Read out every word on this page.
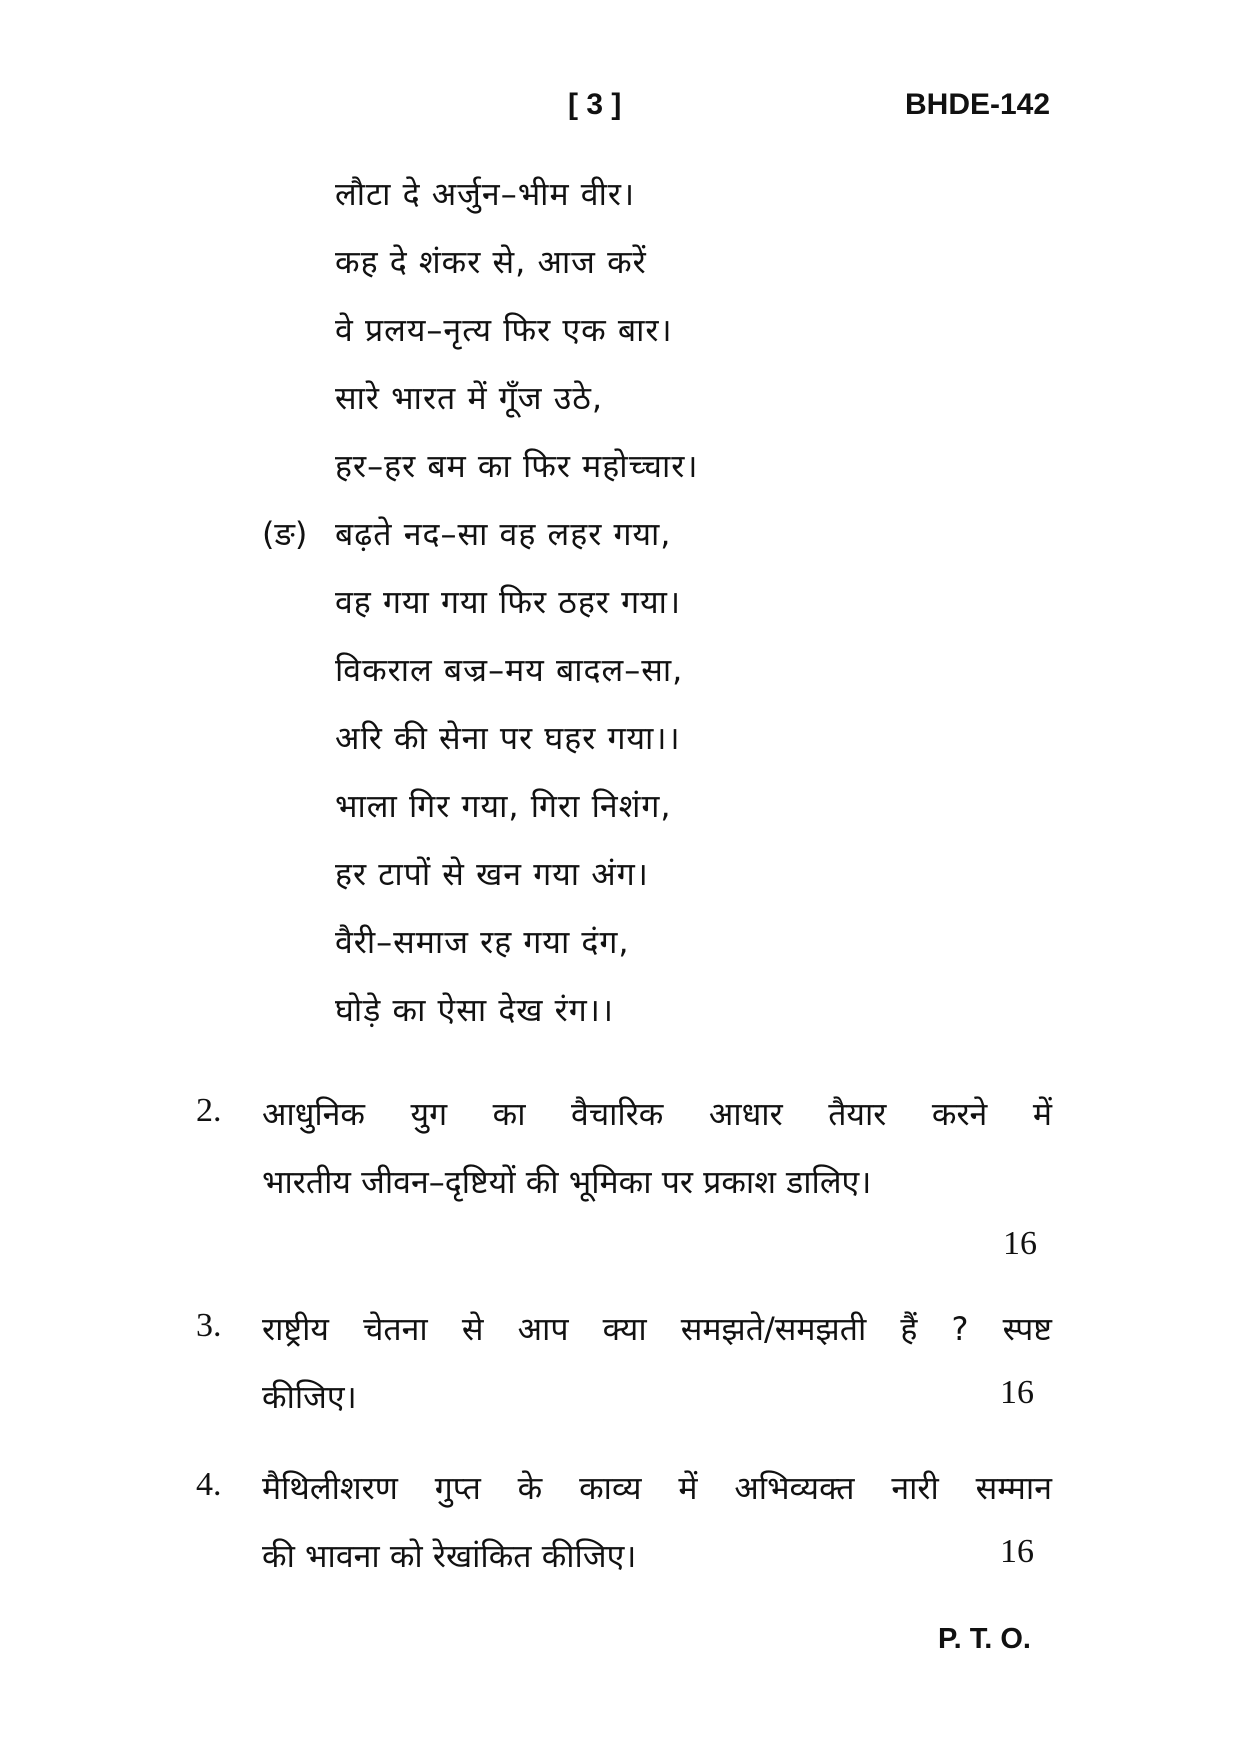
[ 3 ]	BHDE-142
लौटा दे अर्जुन–भीम वीर।
कह दे शंकर से, आज करें
वे प्रलय–नृत्य फिर एक बार।
सारे भारत में गूँज उठे,
हर–हर बम का फिर महोच्चार।
(ङ) बढ़ते नद–सा वह लहर गया,
वह गया गया फिर ठहर गया।
विकराल बज्र–मय बादल–सा,
अरि की सेना पर घहर गया।।
भाला गिर गया, गिरा निशंग,
हर टापों से खन गया अंग।
वैरी–समाज रह गया दंग,
घोड़े का ऐसा देख रंग।।
2. आधुनिक युग का वैचारिक आधार तैयार करने में
भारतीय जीवन–दृष्टियों की भूमिका पर प्रकाश डालिए।
16
3. राष्ट्रीय चेतना से आप क्या समझते/समझती हैं ? स्पष्ट
कीजिए।	16
4. मैथिलीशरण गुप्त के काव्य में अभिव्यक्त नारी सम्मान
की भावना को रेखांकित कीजिए।	16
P. T. O.
